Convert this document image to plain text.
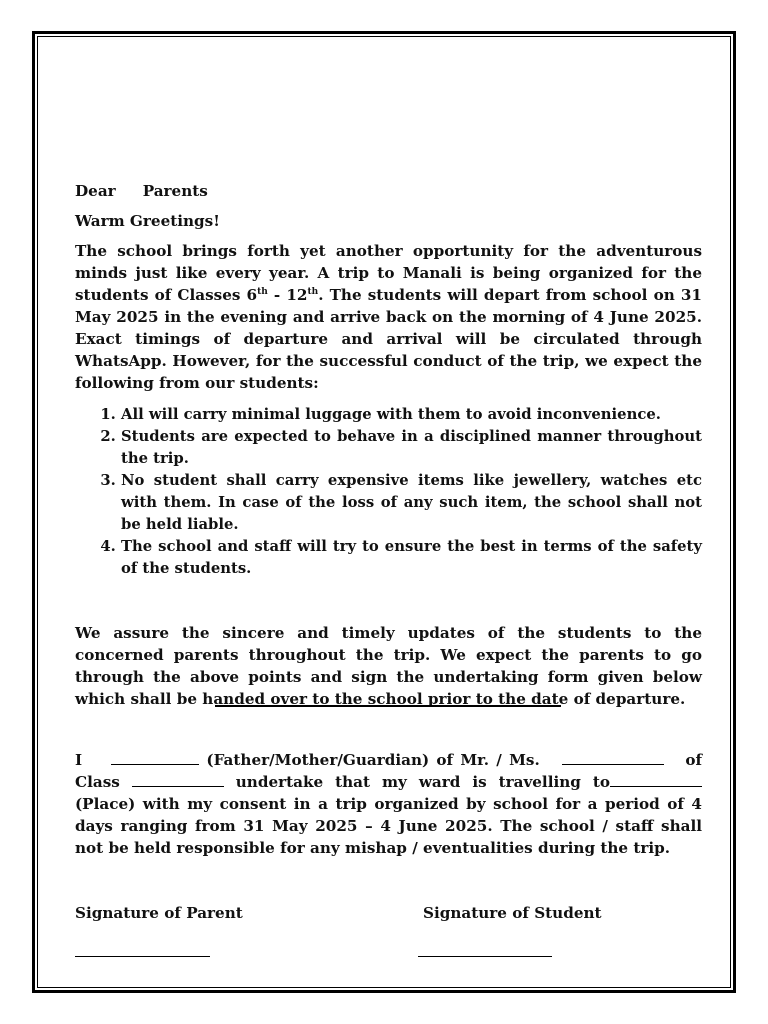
Dear Parents

Warm Greetings!

The school brings forth yet another opportunity for the adventurous minds just like every year. A trip to Manali is being organized for the students of Classes 6th - 12th. The students will depart from school on 31 May 2025 in the evening and arrive back on the morning of 4 June 2025. Exact timings of departure and arrival will be circulated through WhatsApp. However, for the successful conduct of the trip, we expect the following from our students:

1. All will carry minimal luggage with them to avoid inconvenience.
2. Students are expected to behave in a disciplined manner throughout the trip.
3. No student shall carry expensive items like jewellery, watches etc with them. In case of the loss of any such item, the school shall not be held liable.
4. The school and staff will try to ensure the best in terms of the safety of the students.

We assure the sincere and timely updates of the students to the concerned parents throughout the trip. We expect the parents to go through the above points and sign the undertaking form given below which shall be handed over to the school prior to the date of departure.

I	(Father/Mother/Guardian) of Mr. / Ms.	of Class	undertake that my ward is travelling to(Place) with my consent in a trip organized by school for a period of 4 days ranging from 31 May 2025 – 4 June 2025. The school / staff shall not be held responsible for any mishap / eventualities during the trip.
Signature of Parent	Signature of Student
